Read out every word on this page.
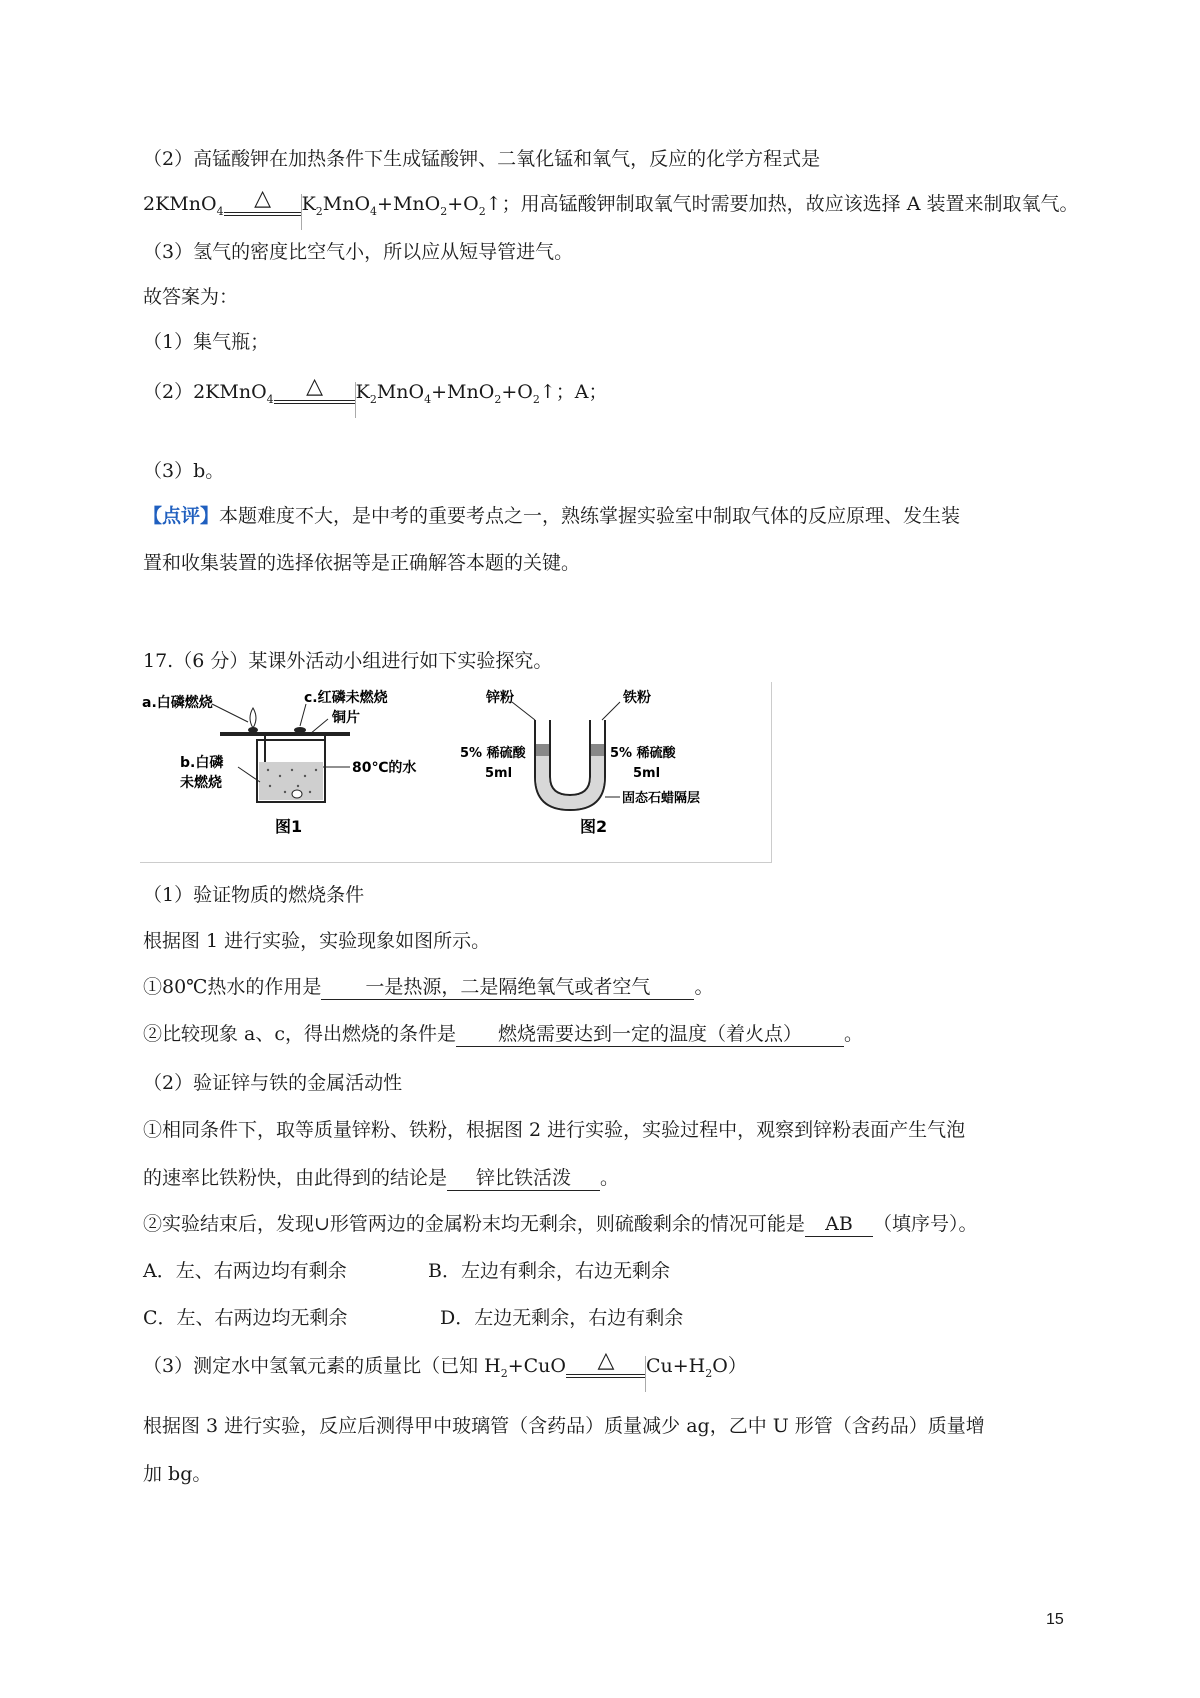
（2）高锰酸钾在加热条件下生成锰酸钾、二氧化锰和氧气，反应的化学方程式是
2KMnO$_4$
△ $K_2MnO_4+MnO_2+O_2↑$；用高锰酸钾制取氧气时需要加热，故应该选择 A 装置来制取氧气。
（3）氢气的密度比空气小，所以应从短导管进气。
故答案为：
（1）集气瓶；
（2）2KMnO$_4$
△ $K_2MnO_4+MnO_2+O_2↑$；A；
（3）b。
【点评】本题难度不大，是中考的重要考点之一，熟练掌握实验室中制取气体的反应原理、发生装
置和收集装置的选择依据等是正确解答本题的关键。
17.（6 分）某课外活动小组进行如下实验探究。
a.白磷燃烧	c.红磷未燃烧
铜片
b.白磷
未燃烧
80℃的水
图1
锌粉	铁粉
5% 稀硫酸
5ml
5% 稀硫酸
5ml
固态石蜡隔层
图2
（1）验证物质的燃烧条件
根据图 1 进行实验，实验现象如图所示。
①80℃热水的作用是 一是热源，二是隔绝氧气或者空气 。
②比较现象 a、c，得出燃烧的条件是 燃烧需要达到一定的温度（着火点） 。
（2）验证锌与铁的金属活动性
①相同条件下，取等质量锌粉、铁粉，根据图 2 进行实验，实验过程中，观察到锌粉表面产生气泡
的速率比铁粉快，由此得到的结论是 锌比铁活泼 。
②实验结束后，发现∪形管两边的金属粉末均无剩余，则硫酸剩余的情况可能是 AB （填序号）。
A．左、右两边均有剩余	B．左边有剩余，右边无剩余
C．左、右两边均无剩余	D．左边无剩余，右边有剩余
（3）测定水中氢氧元素的质量比（已知 $H_2+CuO$ △ $Cu+H_2O$）
根据图 3 进行实验，反应后测得甲中玻璃管（含药品）质量减少 ag，乙中 U 形管（含药品）质量增
加 bg。
15
